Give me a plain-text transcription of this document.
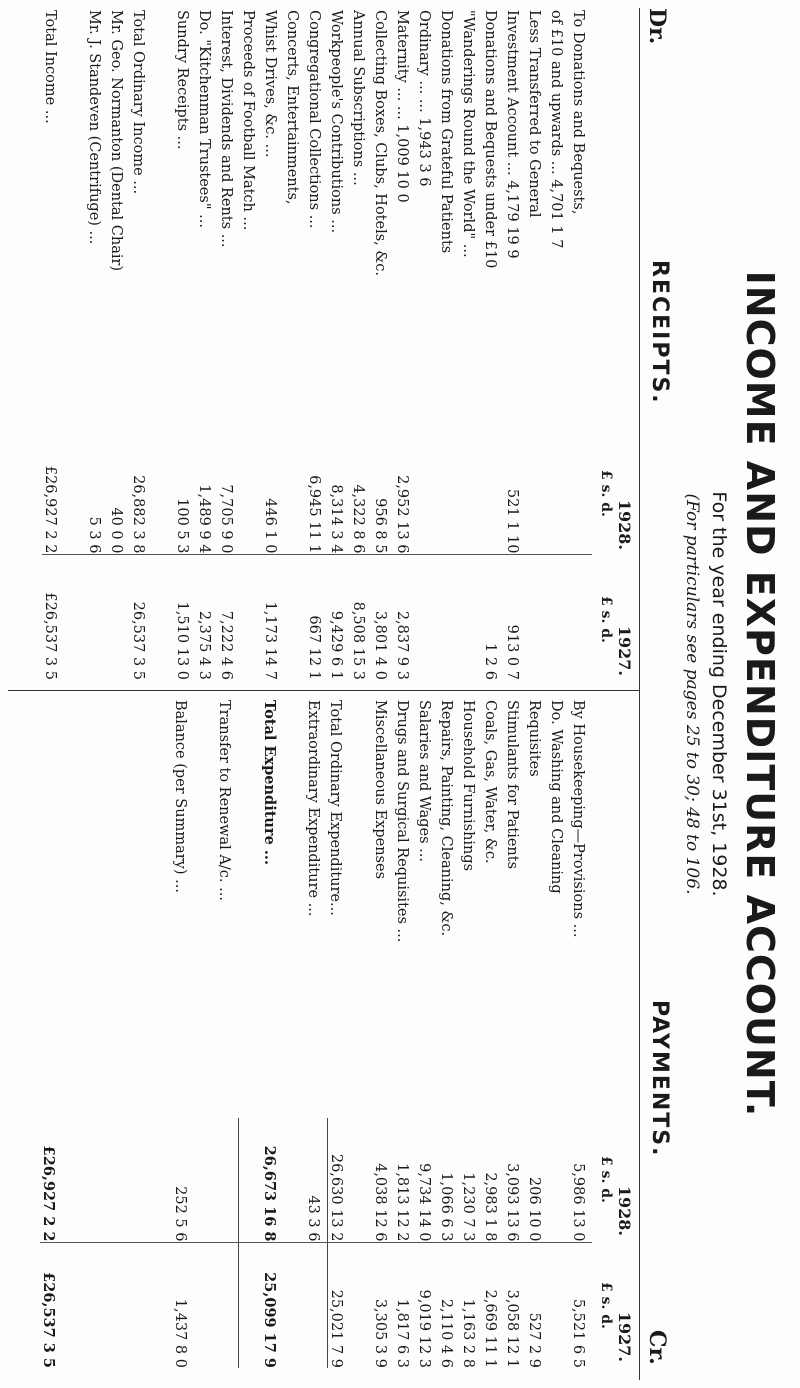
Dr.
Cr.
INCOME AND EXPENDITURE ACCOUNT.
For the year ending December 31st, 1928.
(For particulars see pages 25 to 30; 48 to 106.
RECEIPTS.
PAYMENTS.
1928.
1927.
£ s. d.
£ s. d.
1928.
1927.
£ s. d.
£ s. d.
To Donations and Bequests,		
of £10 and upwards ... 4,701 1 7		
Less Transferred to General		
Investment Account ... 4,179 19 9	521 1 10	913 0 7
Donations and Bequests under £10		1 2 6
"Wanderings Round the World" ...		
Donations from Grateful Patients		
Ordinary ... ... 1,943 3 6		
Maternity ... ... 1,009 10 0	2,952 13 6	2,837 9 3
Collecting Boxes, Clubs, Hotels, &c.	956 8 5	3,801 4 0
Annual Subscriptions ...	4,322 8 6	8,508 15 3
Workpeople's Contributions ...	8,314 3 4	9,429 6 1
Congregational Collections ...	6,945 11 1	667 12 1
Concerts, Entertainments,		
Whist Drives, &c. ...	446 1 0	1,173 14 7
Proceeds of Football Match ...		
Interest, Dividends and Rents ...	7,705 9 0	7,222 4 6
Do. "Kitchenman Trustees" ...	1,489 9 4	2,375 4 3
Sundry Receipts ...	100 5 3	1,510 13 0

Total Ordinary Income ...	26,882 3 8	26,537 3 5
Mr. Geo. Normanton (Dental Chair)	40 0 0	
Mr. J. Standeven (Centrifuge) ...	5 3 6	

Total Income ...	£26,927 2 2	£26,537 3 5
By Housekeeping—Provisions ...	5,986 13 0	5,521 6 5
Do. Washing and Cleaning		
Requisites	206 10 0	527 2 9
Stimulants for Patients	3,093 13 6	3,058 12 1
Coals, Gas, Water, &c.	2,983 1 8	2,669 11 1
Household Furnishings	1,230 7 3	1,163 2 8
Repairs, Painting, Cleaning, &c.	1,066 6 3	2,110 4 6
Salaries and Wages ...	9,734 14 0	9,019 12 3
Drugs and Surgical Requisites ...	1,813 12 2	1,817 6 3
Miscellaneous Expenses	4,038 12 6	3,305 3 9

Total Ordinary Expenditure...	26,630 13 2	25,021 7 9
Extraordinary Expenditure ...	43 3 6	

Total Expenditure ...	26,673 16 8	25,099 17 9

Transfer to Renewal A/c. ...		

Balance (per Summary) ...	252 5 6	1,437 8 0

	£26,927 2 2	£26,537 3 5
